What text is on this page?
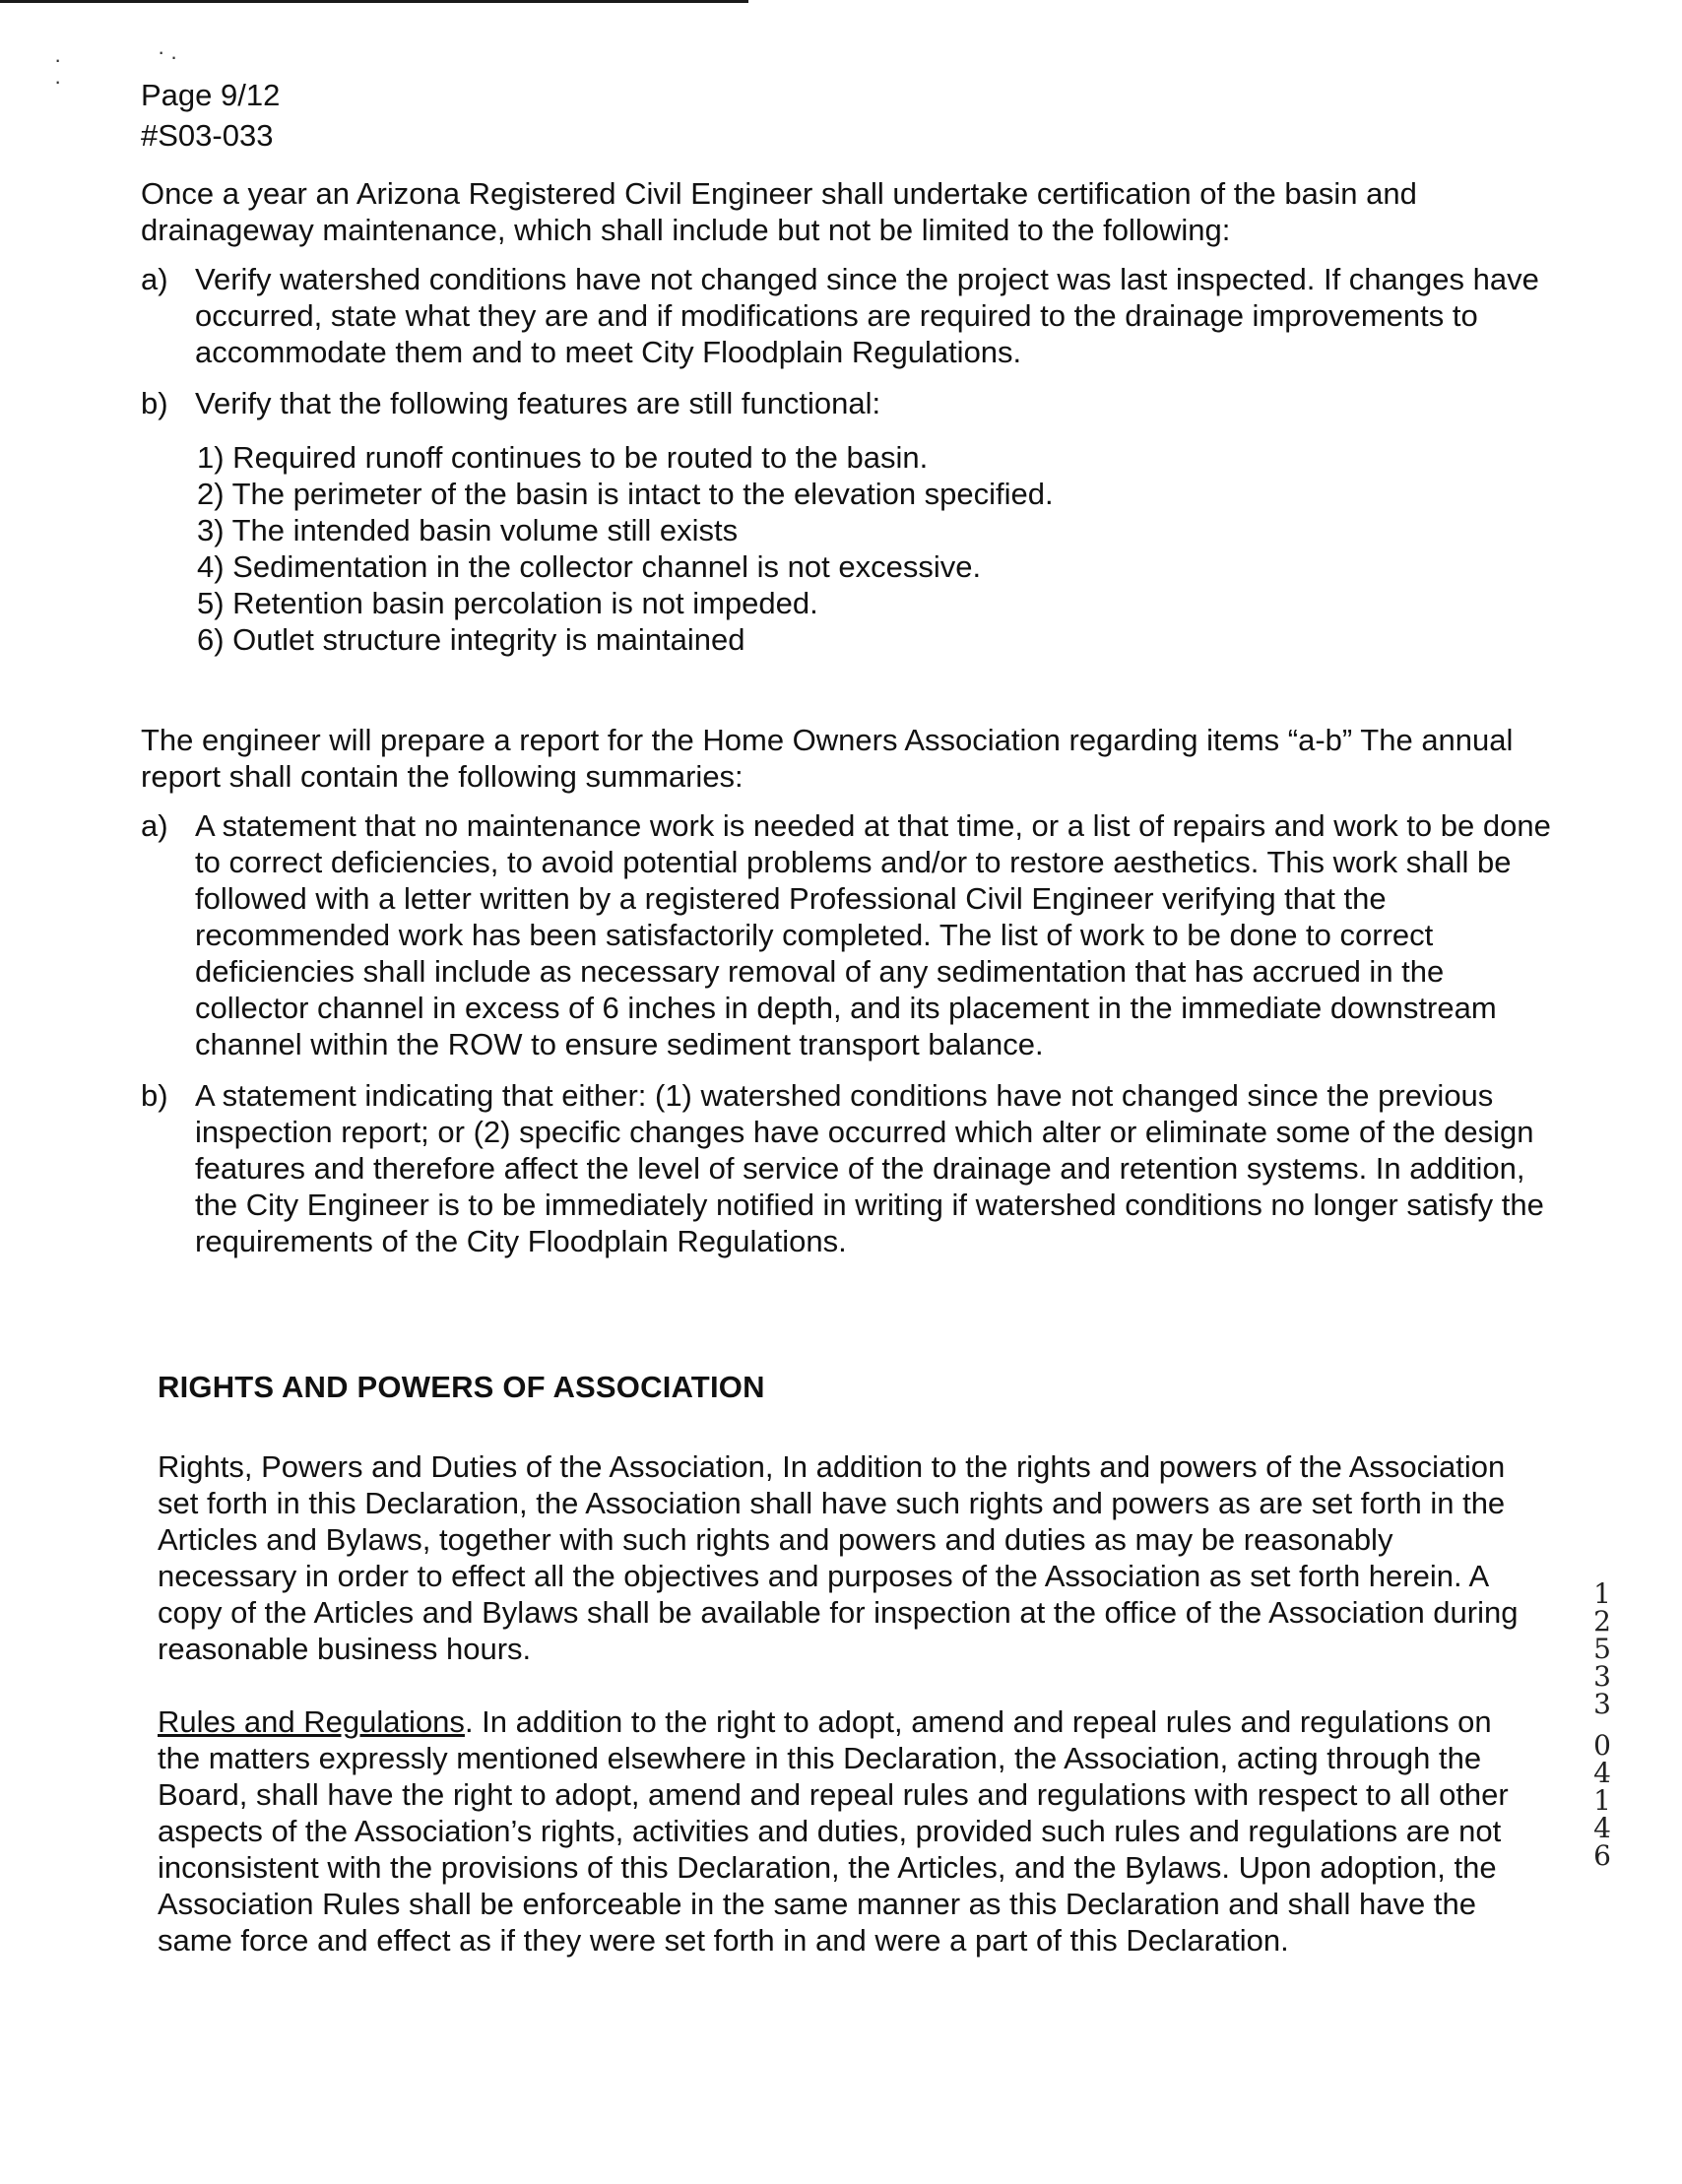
·
·
· .
Page 9/12
#S03-033

Once a year an Arizona Registered Civil Engineer shall undertake certification of the basin and drainageway maintenance, which shall include but not be limited to the following:

a) Verify watershed conditions have not changed since the project was last inspected. If changes have occurred, state what they are and if modifications are required to the drainage improvements to accommodate them and to meet City Floodplain Regulations.
b) Verify that the following features are still functional:

1) Required runoff continues to be routed to the basin.

2) The perimeter of the basin is intact to the elevation specified.

3) The intended basin volume still exists

4) Sedimentation in the collector channel is not excessive.

5) Retention basin percolation is not impeded.

6) Outlet structure integrity is maintained

The engineer will prepare a report for the Home Owners Association regarding items “a-b” The annual report shall contain the following summaries:

a) A statement that no maintenance work is needed at that time, or a list of repairs and work to be done to correct deficiencies, to avoid potential problems and/or to restore aesthetics. This work shall be followed with a letter written by a registered Professional Civil Engineer verifying that the recommended work has been satisfactorily completed. The list of work to be done to correct deficiencies shall include as necessary removal of any sedimentation that has accrued in the collector channel in excess of 6 inches in depth, and its placement in the immediate downstream channel within the ROW to ensure sediment transport balance.
b) A statement indicating that either: (1) watershed conditions have not changed since the previous inspection report; or (2) specific changes have occurred which alter or eliminate some of the design features and therefore affect the level of service of the drainage and retention systems. In addition, the City Engineer is to be immediately notified in writing if watershed conditions no longer satisfy the requirements of the City Floodplain Regulations.
RIGHTS AND POWERS OF ASSOCIATION

Rights, Powers and Duties of the Association, In addition to the rights and powers of the Association set forth in this Declaration, the Association shall have such rights and powers as are set forth in the Articles and Bylaws, together with such rights and powers and duties as may be reasonably necessary in order to effect all the objectives and purposes of the Association as set forth herein. A copy of the Articles and Bylaws shall be available for inspection at the office of the Association during reasonable business hours.

Rules and Regulations. In addition to the right to adopt, amend and repeal rules and regulations on the matters expressly mentioned elsewhere in this Declaration, the Association, acting through the Board, shall have the right to adopt, amend and repeal rules and regulations with respect to all other aspects of the Association’s rights, activities and duties, provided such rules and regulations are not inconsistent with the provisions of this Declaration, the Articles, and the Bylaws. Upon adoption, the Association Rules shall be enforceable in the same manner as this Declaration and shall have the same force and effect as if they were set forth in and were a part of this Declaration.

1
2
5
3
3
0
4
1
4
6
